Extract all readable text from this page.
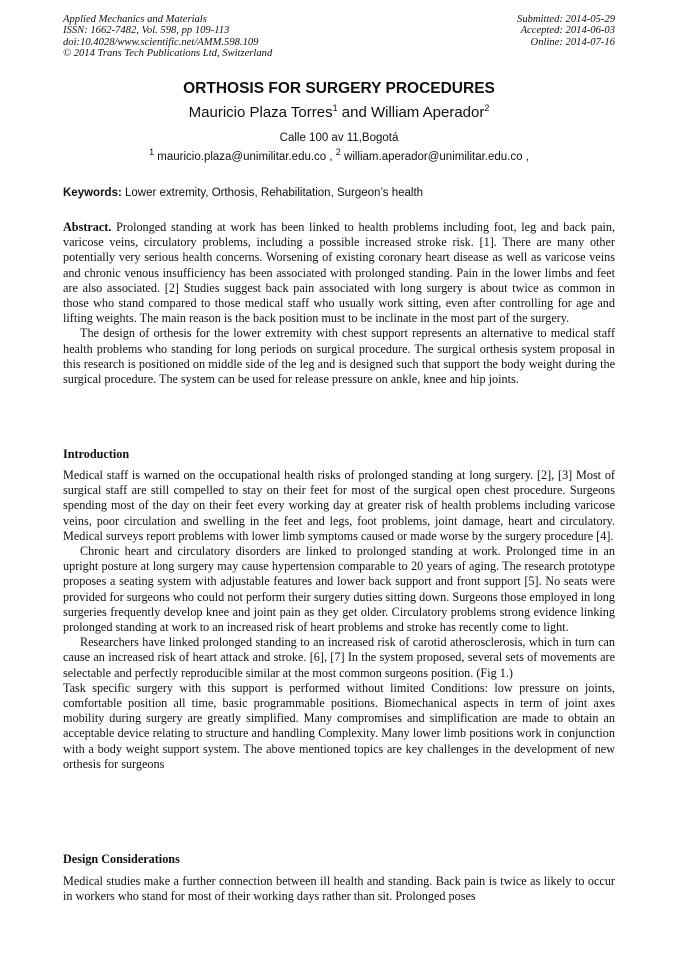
Applied Mechanics and Materials
ISSN: 1662-7482, Vol. 598, pp 109-113
doi:10.4028/www.scientific.net/AMM.598.109
© 2014 Trans Tech Publications Ltd, Switzerland
Submitted: 2014-05-29
Accepted: 2014-06-03
Online: 2014-07-16
ORTHOSIS FOR SURGERY PROCEDURES
Mauricio Plaza Torres$^1$ and William Aperador$^2$
Calle 100 av 11,Bogotá
$^1$ mauricio.plaza@unimilitar.edu.co , $^2$ william.aperador@unimilitar.edu.co ,
Keywords: Lower extremity, Orthosis, Rehabilitation, Surgeon’s health

Abstract. Prolonged standing at work has been linked to health problems including foot, leg and back pain, varicose veins, circulatory problems, including a possible increased stroke risk. [1]. There are many other potentially very serious health concerns. Worsening of existing coronary heart disease as well as varicose veins and chronic venous insufficiency has been associated with prolonged standing. Pain in the lower limbs and feet are also associated. [2] Studies suggest back pain associated with long surgery is about twice as common in those who stand compared to those medical staff who usually work sitting, even after controlling for age and lifting weights. The main reason is the back position must to be inclinate in the most part of the surgery.

The design of orthesis for the lower extremity with chest support represents an alternative to medical staff health problems who standing for long periods on surgical procedure. The surgical orthesis system proposal in this research is positioned on middle side of the leg and is designed such that support the body weight during the surgical procedure. The system can be used for release pressure on ankle, knee and hip joints.

Introduction

Medical staff is warned on the occupational health risks of prolonged standing at long surgery. [2], [3] Most of surgical staff are still compelled to stay on their feet for most of the surgical open chest procedure. Surgeons spending most of the day on their feet every working day at greater risk of health problems including varicose veins, poor circulation and swelling in the feet and legs, foot problems, joint damage, heart and circulatory. Medical surveys report problems with lower limb symptoms caused or made worse by the surgery procedure [4].

Chronic heart and circulatory disorders are linked to prolonged standing at work. Prolonged time in an upright posture at long surgery may cause hypertension comparable to 20 years of aging. The research prototype proposes a seating system with adjustable features and lower back support and front support [5]. No seats were provided for surgeons who could not perform their surgery duties sitting down. Surgeons those employed in long surgeries frequently develop knee and joint pain as they get older. Circulatory problems strong evidence linking prolonged standing at work to an increased risk of heart problems and stroke has recently come to light.

Researchers have linked prolonged standing to an increased risk of carotid atherosclerosis, which in turn can cause an increased risk of heart attack and stroke. [6], [7] In the system proposed, several sets of movements are selectable and perfectly reproducible similar at the most common surgeons position. (Fig 1.)

Task specific surgery with this support is performed without limited Conditions: low pressure on joints, comfortable position all time, basic programmable positions. Biomechanical aspects in term of joint axes mobility during surgery are greatly simplified. Many compromises and simplification are made to obtain an acceptable device relating to structure and handling Complexity. Many lower limb positions work in conjunction with a body weight support system. The above mentioned topics are key challenges in the development of new orthesis for surgeons

Design Considerations

Medical studies make a further connection between ill health and standing. Back pain is twice as likely to occur in workers who stand for most of their working days rather than sit. Prolonged poses
